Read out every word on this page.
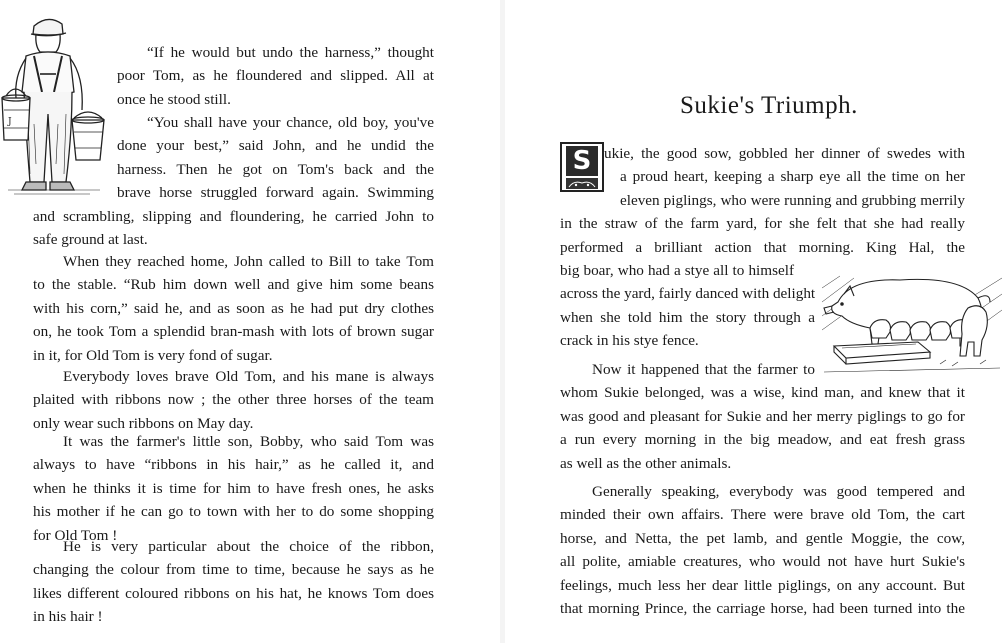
J

“If he would but undo the harness,” thought
poor Tom, as he floundered and slipped. All at
once he stood still.

“You shall have your chance, old boy, you've
done your best,” said John, and he undid the
harness. Then he got on Tom's back and the
brave horse struggled forward again. Swimming
and scrambling, slipping and floundering, he carried John to
safe ground at last.

When they reached home, John called to Bill to take Tom
to the stable. “Rub him down well and give him some beans
with his corn,” said he, and as soon as he had put dry clothes
on, he took Tom a splendid bran-mash with lots of brown sugar
in it, for Old Tom is very fond of sugar.

Everybody loves brave Old Tom, and his mane is always
plaited with ribbons now ; the other three horses of the team
only wear such ribbons on May day.

It was the farmer's little son, Bobby, who said Tom was
always to have “ribbons in his hair,” as he called it, and
when he thinks it is time for him to have fresh ones, he asks
his mother if he can go to town with her to do some shopping
for Old Tom !

He is very particular about the choice of the ribbon,
changing the colour from time to time, because he says as he
likes different coloured ribbons on his hat, he knows Tom does
in his hair !

Sukie's Triumph.
S ukie, the good sow, gobbled her dinner of swedes with
a proud heart, keeping a sharp eye all the time on her
eleven piglings, who were running and grubbing merrily
in the straw of the farm yard, for she felt that she had really
performed a brilliant action that morning. King Hal, the
big boar, who had a stye all to himself
across the yard, fairly danced with delight
when she told him the story through a
crack in his stye fence.

Now it happened that the farmer to
whom Sukie belonged, was a wise, kind man, and knew that it
was good and pleasant for Sukie and her merry piglings to go for
a run every morning in the big meadow, and eat fresh grass
as well as the other animals.

Generally speaking, everybody was good tempered and
minded their own affairs. There were brave old Tom, the cart
horse, and Netta, the pet lamb, and gentle Moggie, the cow,
all polite, amiable creatures, who would not have hurt Sukie's
feelings, much less her dear little piglings, on any account. But
that morning Prince, the carriage horse, had been turned into the
